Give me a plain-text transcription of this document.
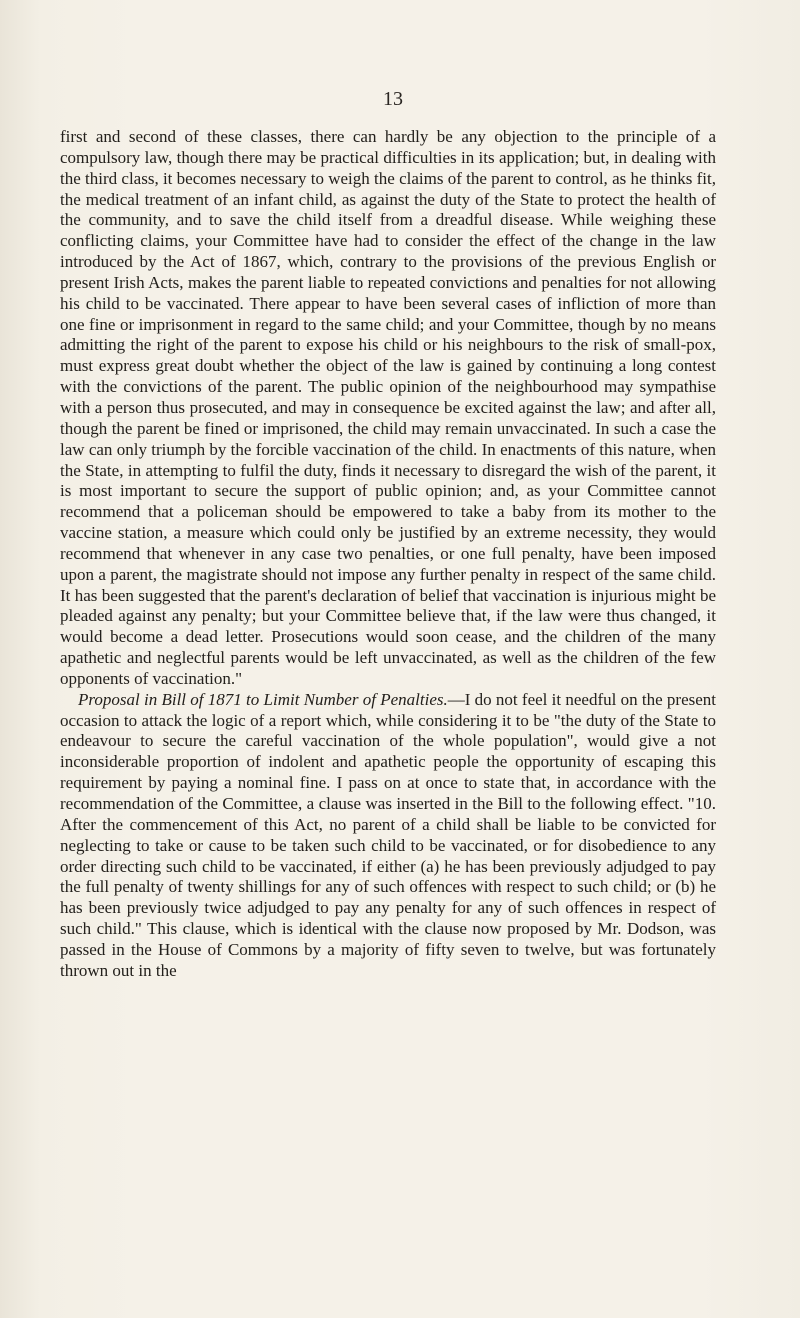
13

first and second of these classes, there can hardly be any objection to the principle of a compulsory law, though there may be practical difficulties in its application; but, in dealing with the third class, it becomes necessary to weigh the claims of the parent to control, as he thinks fit, the medical treatment of an infant child, as against the duty of the State to protect the health of the community, and to save the child itself from a dreadful disease. While weighing these conflicting claims, your Committee have had to consider the effect of the change in the law introduced by the Act of 1867, which, contrary to the provisions of the previous English or present Irish Acts, makes the parent liable to repeated convictions and penalties for not allowing his child to be vaccinated. There appear to have been several cases of infliction of more than one fine or imprisonment in regard to the same child; and your Committee, though by no means admitting the right of the parent to expose his child or his neighbours to the risk of small-pox, must express great doubt whether the object of the law is gained by continuing a long contest with the convictions of the parent. The public opinion of the neighbourhood may sympathise with a person thus prosecuted, and may in consequence be excited against the law; and after all, though the parent be fined or imprisoned, the child may remain unvaccinated. In such a case the law can only triumph by the forcible vaccination of the child. In enactments of this nature, when the State, in attempting to fulfil the duty, finds it necessary to disregard the wish of the parent, it is most important to secure the support of public opinion; and, as your Committee cannot recommend that a policeman should be empowered to take a baby from its mother to the vaccine station, a measure which could only be justified by an extreme necessity, they would recommend that whenever in any case two penalties, or one full penalty, have been imposed upon a parent, the magistrate should not impose any further penalty in respect of the same child. It has been suggested that the parent's declaration of belief that vaccination is injurious might be pleaded against any penalty; but your Committee believe that, if the law were thus changed, it would become a dead letter. Prosecutions would soon cease, and the children of the many apathetic and neglectful parents would be left unvaccinated, as well as the children of the few opponents of vaccination."

Proposal in Bill of 1871 to Limit Number of Penalties.—I do not feel it needful on the present occasion to attack the logic of a report which, while considering it to be "the duty of the State to endeavour to secure the careful vaccination of the whole population", would give a not inconsiderable proportion of indolent and apathetic people the opportunity of escaping this requirement by paying a nominal fine. I pass on at once to state that, in accordance with the recommendation of the Committee, a clause was inserted in the Bill to the following effect. "10. After the commencement of this Act, no parent of a child shall be liable to be convicted for neglecting to take or cause to be taken such child to be vaccinated, or for disobedience to any order directing such child to be vaccinated, if either (a) he has been previously adjudged to pay the full penalty of twenty shillings for any of such offences with respect to such child; or (b) he has been previously twice adjudged to pay any penalty for any of such offences in respect of such child." This clause, which is identical with the clause now proposed by Mr. Dodson, was passed in the House of Commons by a majority of fifty seven to twelve, but was fortunately thrown out in the
